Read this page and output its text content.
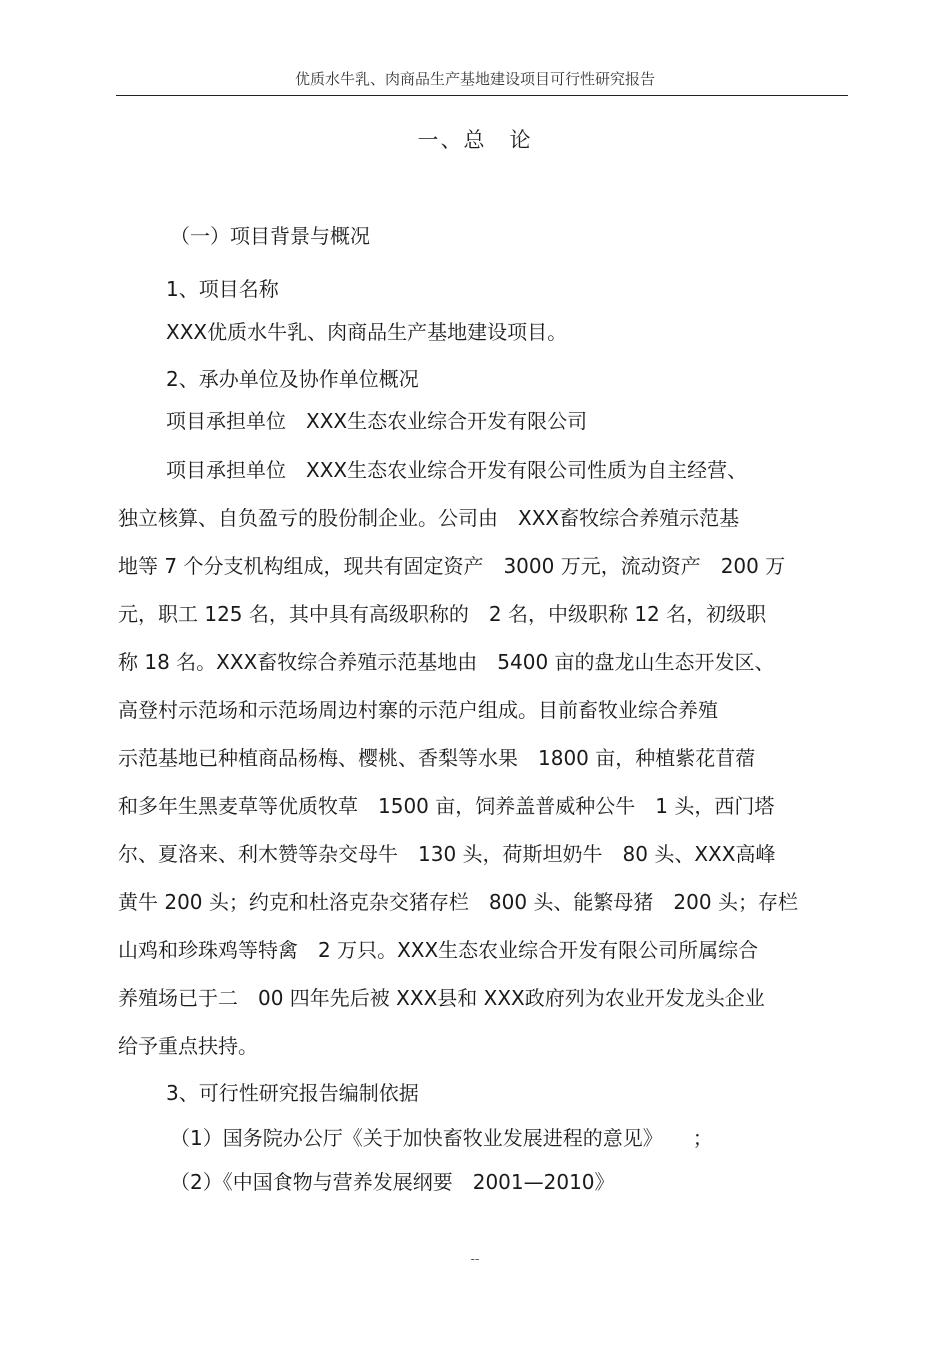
优质水牛乳、肉商品生产基地建设项目可行性研究报告
一、总　论
（一）项目背景与概况
1、项目名称
XXX优质水牛乳、肉商品生产基地建设项目。
2、承办单位及协作单位概况
项目承担单位　XXX生态农业综合开发有限公司
项目承担单位　XXX生态农业综合开发有限公司性质为自主经营、
独立核算、自负盈亏的股份制企业。公司由　XXX畜牧综合养殖示范基
地等 7 个分支机构组成，现共有固定资产　3000 万元，流动资产　200 万
元，职工 125 名，其中具有高级职称的　2 名，中级职称 12 名，初级职
称 18 名。XXX畜牧综合养殖示范基地由　5400 亩的盘龙山生态开发区、
高登村示范场和示范场周边村寨的示范户组成。目前畜牧业综合养殖
示范基地已种植商品杨梅、樱桃、香梨等水果　1800 亩，种植紫花苜蓿
和多年生黑麦草等优质牧草　1500 亩，饲养盖普威种公牛　1 头，西门塔
尔、夏洛来、利木赞等杂交母牛　130 头，荷斯坦奶牛　80 头、XXX高峰
黄牛 200 头；约克和杜洛克杂交猪存栏　800 头、能繁母猪　200 头；存栏
山鸡和珍珠鸡等特禽　2 万只。XXX生态农业综合开发有限公司所属综合
养殖场已于二　00 四年先后被 XXX县和 XXX政府列为农业开发龙头企业
给予重点扶持。
3、可行性研究报告编制依据
（1）国务院办公厅《关于加快畜牧业发展进程的意见》　　；
（2）《中国食物与营养发展纲要　2001—2010》
--
